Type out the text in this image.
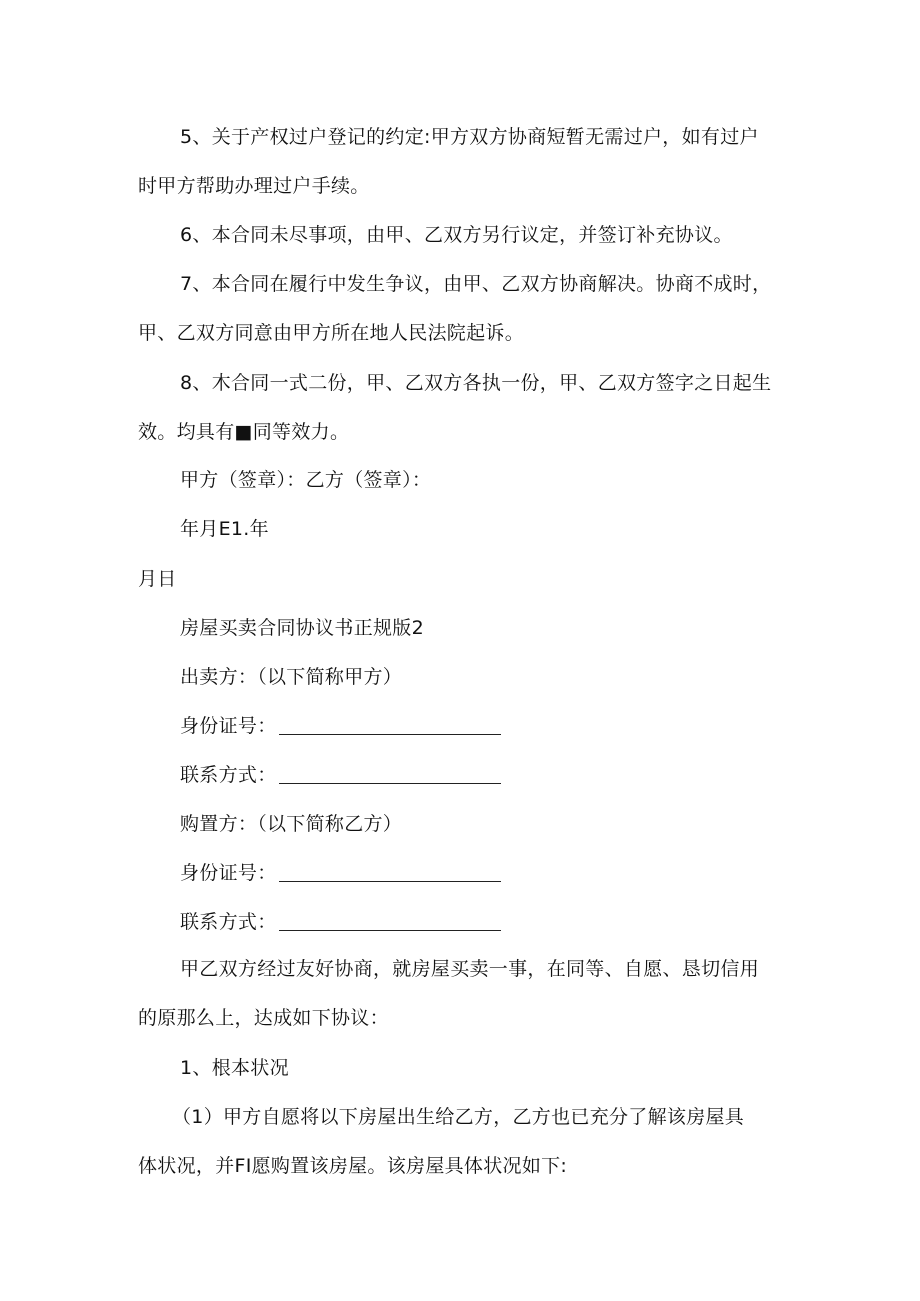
5、关于产权过户登记的约定:甲方双方协商短暂无需过户，如有过户
时甲方帮助办理过户手续。
6、本合同未尽事项，由甲、乙双方另行议定，并签订补充协议。
7、本合同在履行中发生争议，由甲、乙双方协商解决。协商不成时，
甲、乙双方同意由甲方所在地人民法院起诉。
8、木合同一式二份，甲、乙双方各执一份，甲、乙双方签字之日起生
效。均具有■同等效力。
甲方（签章）：乙方（签章）：
年月E1.年
月日
房屋买卖合同协议书正规版2
出卖方：（以下简称甲方）
身份证号：
联系方式：
购置方：（以下简称乙方）
身份证号：
联系方式：
甲乙双方经过友好协商，就房屋买卖一事，在同等、自愿、恳切信用
的原那么上，达成如下协议：
1、根本状况
（1）甲方自愿将以下房屋出生给乙方，乙方也已充分了解该房屋具
体状况，并FI愿购置该房屋。该房屋具体状况如下:
